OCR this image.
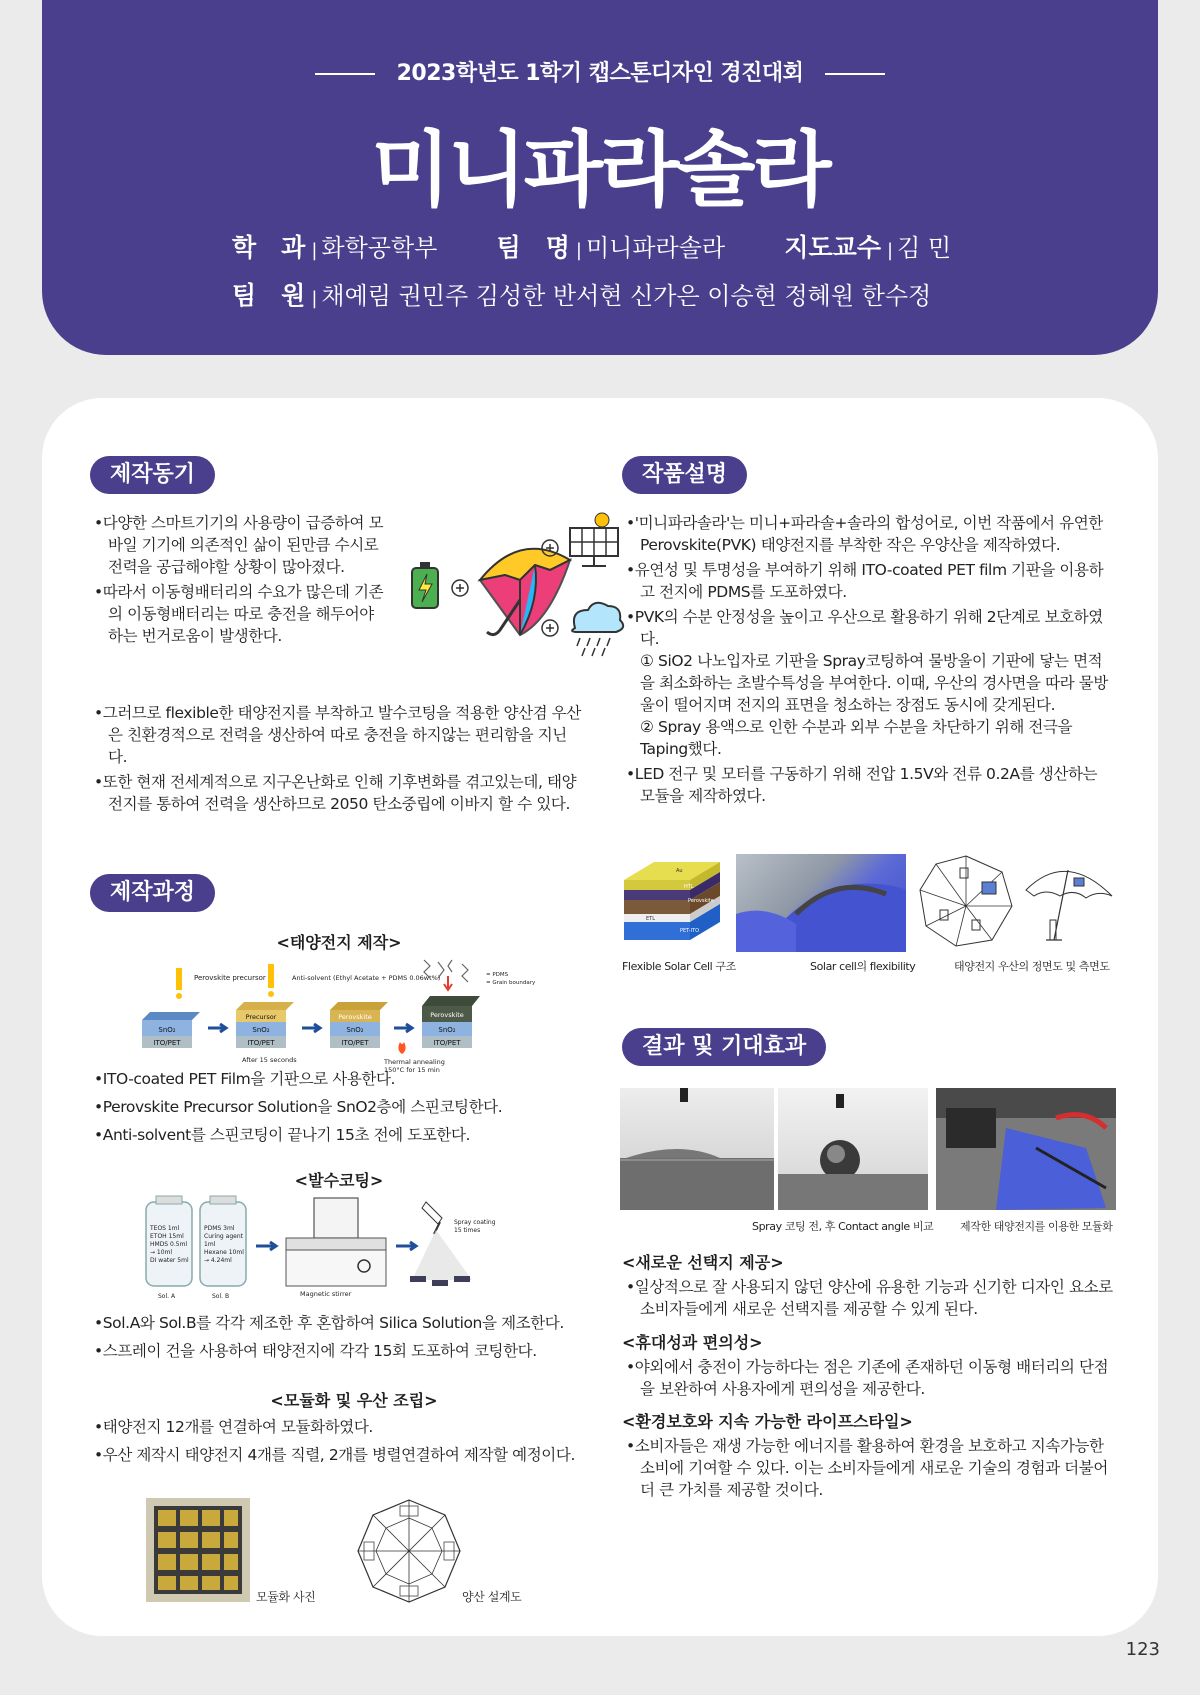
2023학년도 1학기 캡스톤디자인 경진대회
미니파라솔라
학　과 | 화학공학부 팀　명 | 미니파라솔라 지도교수 | 김 민
팀　원 | 채예림 권민주 김성한 반서현 신가은 이승현 정혜원 한수정
제작동기
•다양한 스마트기기의 사용량이 급증하여 모바일 기기에 의존적인 삶이 된만큼 수시로 전력을 공급해야할 상황이 많아졌다.
•따라서 이동형배터리의 수요가 많은데 기존의 이동형배터리는 따로 충전을 해두어야하는 번거로움이 발생한다.
•그러므로 flexible한 태양전지를 부착하고 발수코팅을 적용한 양산겸 우산은 친환경적으로 전력을 생산하여 따로 충전을 하지않는 편리함을 지닌다.
•또한 현재 전세계적으로 지구온난화로 인해 기후변화를 겪고있는데, 태양전지를 통하여 전력을 생산하므로 2050 탄소중립에 이바지 할 수 있다.
제작과정
<태양전지 제작>
SnO₂
ITO/PET
Perovskite precursor
Precursor
SnO₂
ITO/PET
Anti-solvent (Ethyl Acetate + PDMS 0.06wt%)
After 15 seconds
Perovskite
SnO₂
ITO/PET
Thermal annealing
150°C for 15 min
Perovskite
SnO₂
ITO/PET
= PDMS
= Grain boundary
•ITO-coated PET Film을 기판으로 사용한다.
•Perovskite Precursor Solution을 SnO2층에 스핀코팅한다.
•Anti-solvent를 스핀코팅이 끝나기 15초 전에 도포한다.
<발수코팅>
TEOS 1ml
ETOH 15ml
HMDS 0.5ml
→ 10ml
DI water 5ml
Sol. A
PDMS 3ml
Curing agent
1ml
Hexane 10ml
→ 4.24ml
Sol. B	Magnetic stirrer
Spray coating
15 times
•Sol.A와 Sol.B를 각각 제조한 후 혼합하여 Silica Solution을 제조한다.
•스프레이 건을 사용하여 태양전지에 각각 15회 도포하여 코팅한다.
<모듈화 및 우산 조립>
•태양전지 12개를 연결하여 모듈화하였다.
•우산 제작시 태양전지 4개를 직렬, 2개를 병렬연결하여 제작할 예정이다.
모듈화 사진	양산 설계도
작품설명
•'미니파라솔라'는 미니+파라솔+솔라의 합성어로, 이번 작품에서 유연한 Perovskite(PVK) 태양전지를 부착한 작은 우양산을 제작하였다.
•유연성 및 투명성을 부여하기 위해 ITO-coated PET film 기판을 이용하고 전지에 PDMS를 도포하였다.
•PVK의 수분 안정성을 높이고 우산으로 활용하기 위해 2단계로 보호하였다.
① SiO2 나노입자로 기판을 Spray코팅하여 물방울이 기판에 닿는 면적을 최소화하는 초발수특성을 부여한다. 이때, 우산의 경사면을 따라 물방울이 떨어지며 전지의 표면을 청소하는 장점도 동시에 갖게된다.
② Spray 용액으로 인한 수분과 외부 수분을 차단하기 위해 전극을 Taping했다.
•LED 전구 및 모터를 구동하기 위해 전압 1.5V와 전류 0.2A를 생산하는 모듈을 제작하였다.
Au
HTL
Perovskite
ETL
PET-ITO
Flexible Solar Cell 구조	Solar cell의 flexibility	태양전지 우산의 정면도 및 측면도
결과 및 기대효과
Spray 코팅 전, 후 Contact angle 비교 제작한 태양전지를 이용한 모듈화
<새로운 선택지 제공>
•일상적으로 잘 사용되지 않던 양산에 유용한 기능과 신기한 디자인 요소로 소비자들에게 새로운 선택지를 제공할 수 있게 된다.
<휴대성과 편의성>
•야외에서 충전이 가능하다는 점은 기존에 존재하던 이동형 배터리의 단점을 보완하여 사용자에게 편의성을 제공한다.
<환경보호와 지속 가능한 라이프스타일>
•소비자들은 재생 가능한 에너지를 활용하여 환경을 보호하고 지속가능한 소비에 기여할 수 있다. 이는 소비자들에게 새로운 기술의 경험과 더불어 더 큰 가치를 제공할 것이다.
123
